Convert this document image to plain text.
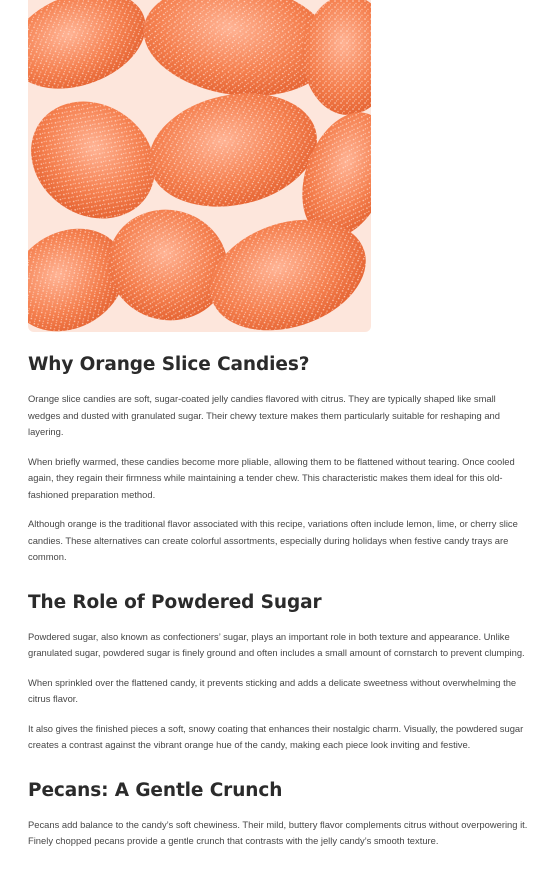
Why Orange Slice Candies?

Orange slice candies are soft, sugar-coated jelly candies flavored with citrus. They are typically shaped like small wedges and dusted with granulated sugar. Their chewy texture makes them particularly suitable for reshaping and layering.

When briefly warmed, these candies become more pliable, allowing them to be flattened without tearing. Once cooled again, they regain their firmness while maintaining a tender chew. This characteristic makes them ideal for this old-fashioned preparation method.

Although orange is the traditional flavor associated with this recipe, variations often include lemon, lime, or cherry slice candies. These alternatives can create colorful assortments, especially during holidays when festive candy trays are common.

The Role of Powdered Sugar

Powdered sugar, also known as confectioners’ sugar, plays an important role in both texture and appearance. Unlike granulated sugar, powdered sugar is finely ground and often includes a small amount of cornstarch to prevent clumping.

When sprinkled over the flattened candy, it prevents sticking and adds a delicate sweetness without overwhelming the citrus flavor.

It also gives the finished pieces a soft, snowy coating that enhances their nostalgic charm. Visually, the powdered sugar creates a contrast against the vibrant orange hue of the candy, making each piece look inviting and festive.

Pecans: A Gentle Crunch

Pecans add balance to the candy’s soft chewiness. Their mild, buttery flavor complements citrus without overpowering it. Finely chopped pecans provide a gentle crunch that contrasts with the jelly candy’s smooth texture.
